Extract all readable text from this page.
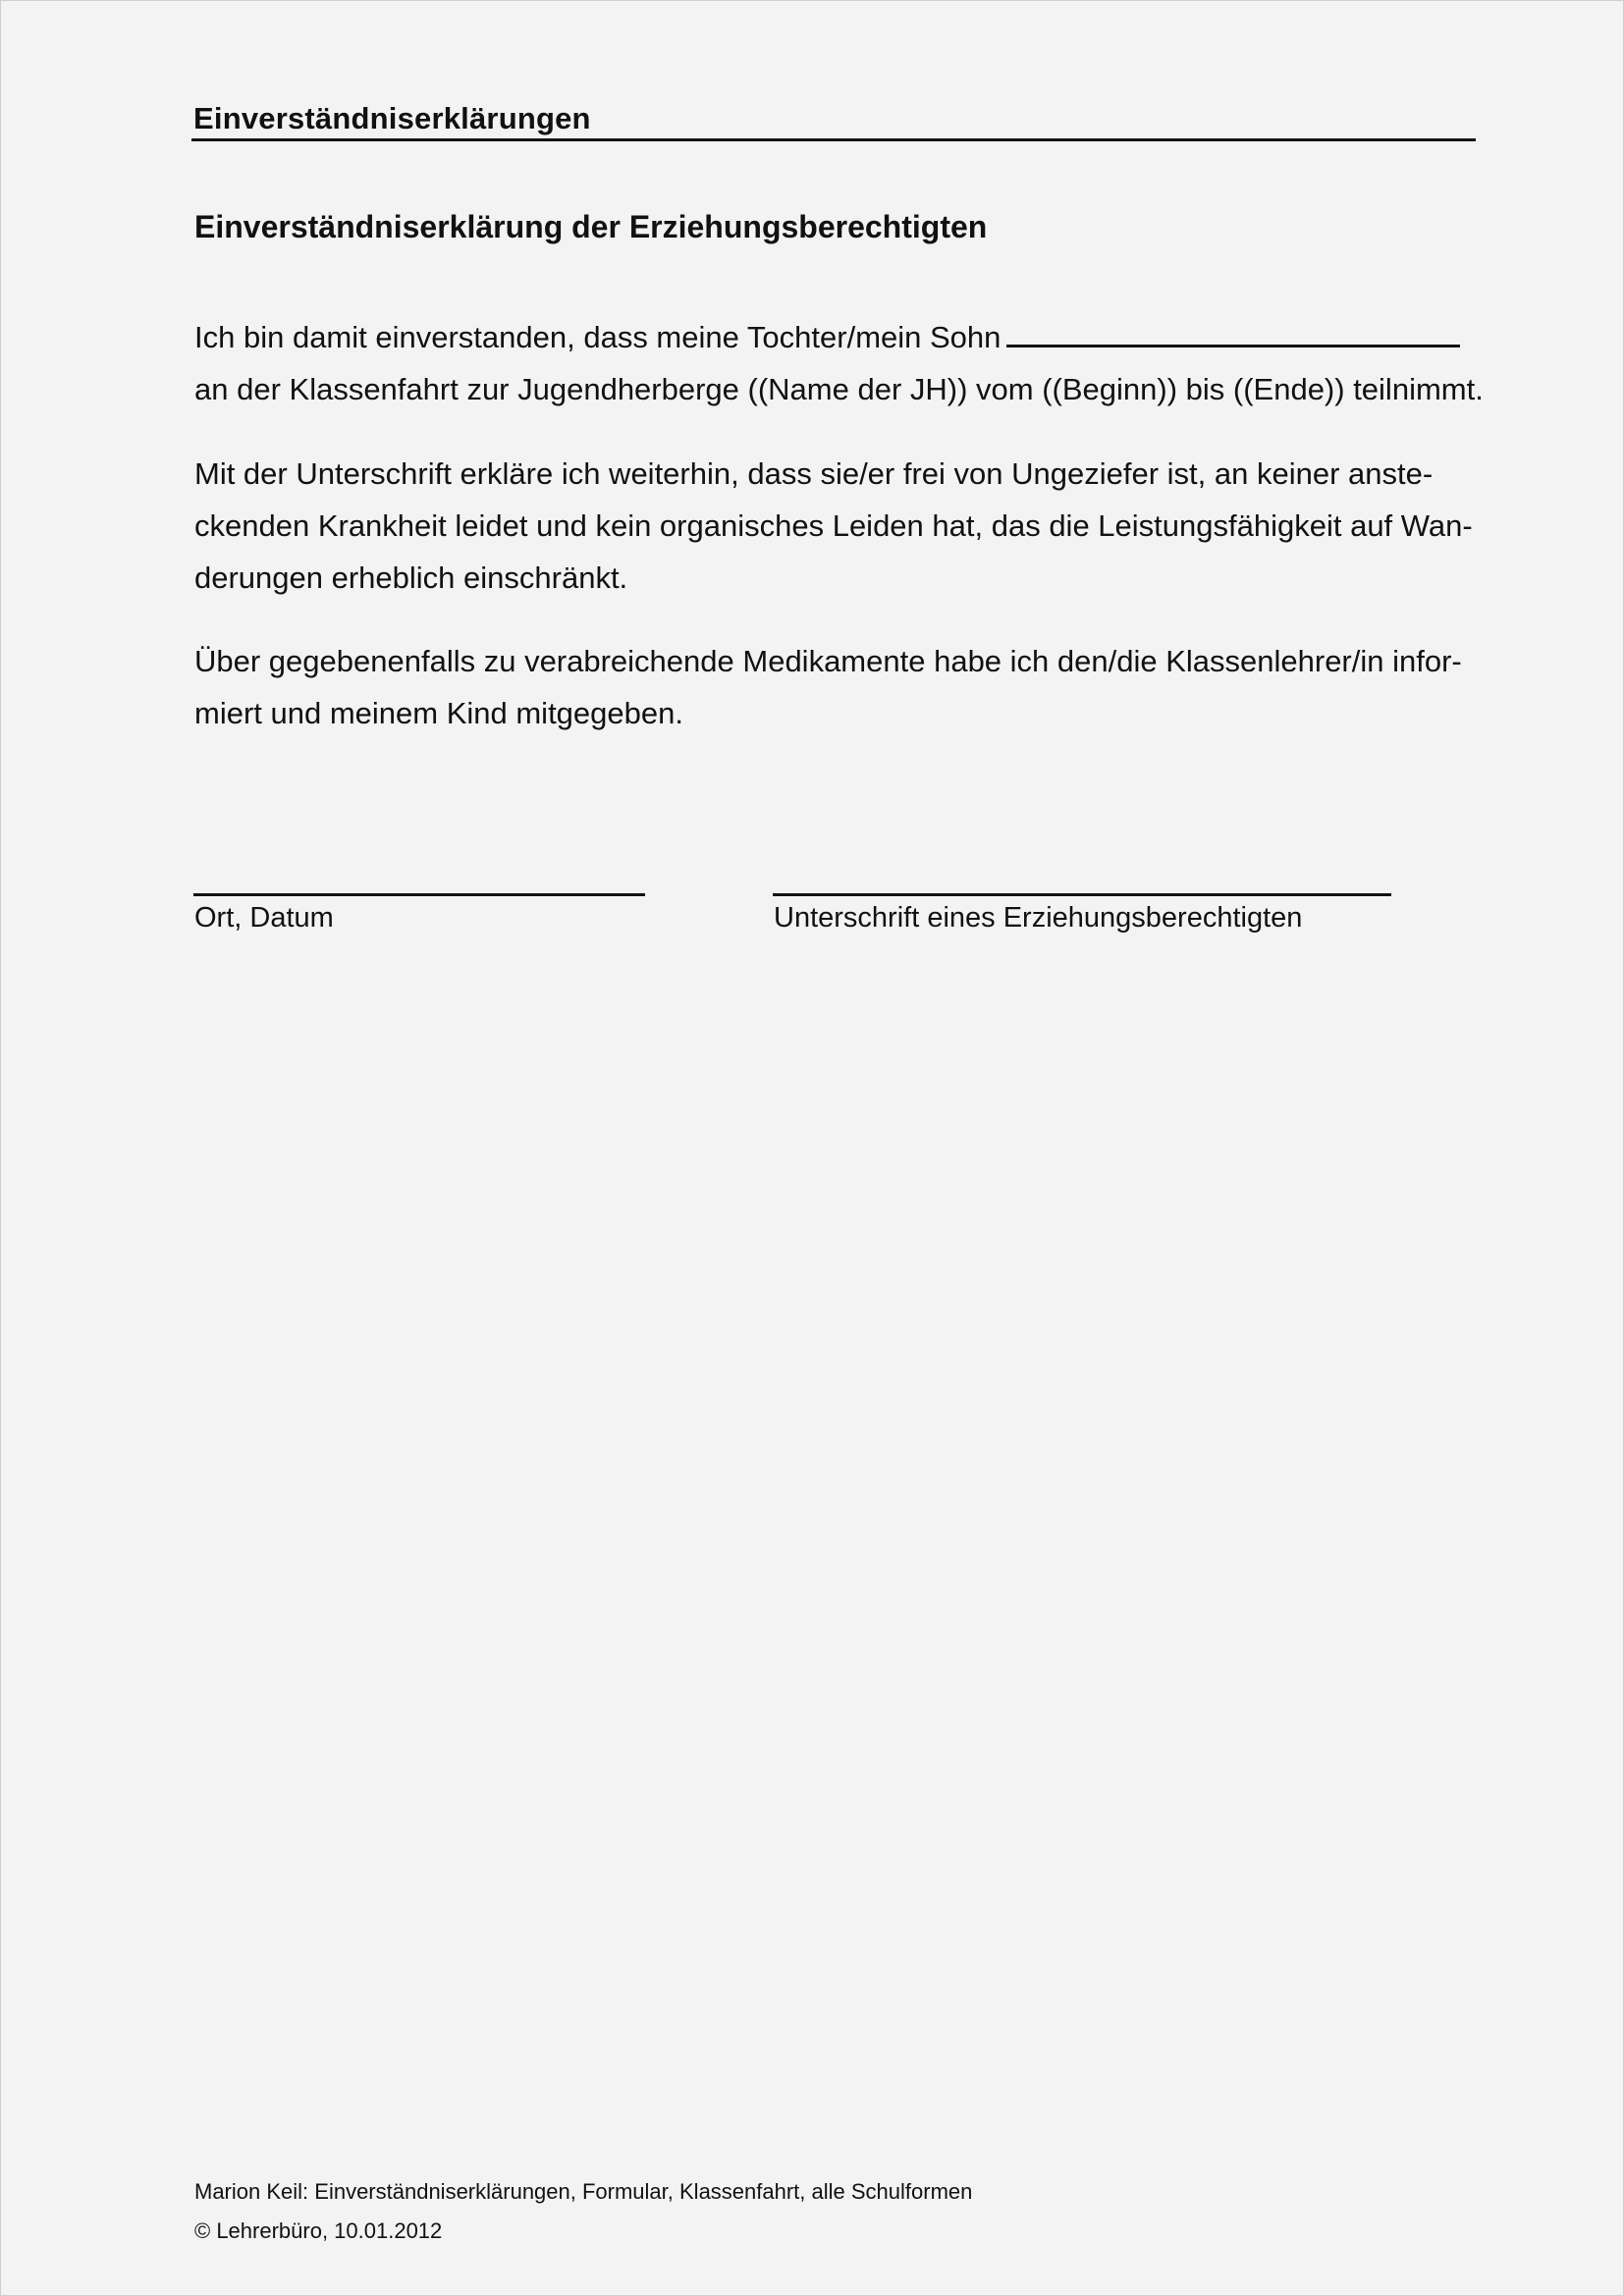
Einverständniserklärungen
Einverständniserklärung der Erziehungsberechtigten

Ich bin damit einverstanden, dass meine Tochter/mein Sohn
an der Klassenfahrt zur Jugendherberge ((Name der JH)) vom ((Beginn)) bis ((Ende)) teilnimmt.

Mit der Unterschrift erkläre ich weiterhin, dass sie/er frei von Ungeziefer ist, an keiner anste-
ckenden Krankheit leidet und kein organisches Leiden hat, das die Leistungsfähigkeit auf Wan-
derungen erheblich einschränkt.

Über gegebenenfalls zu verabreichende Medikamente habe ich den/die Klassenlehrer/in infor-
miert und meinem Kind mitgegeben.

Ort, Datum	Unterschrift eines Erziehungsberechtigten

Marion Keil: Einverständniserklärungen, Formular, Klassenfahrt, alle Schulformen
© Lehrerbüro, 10.01.2012
